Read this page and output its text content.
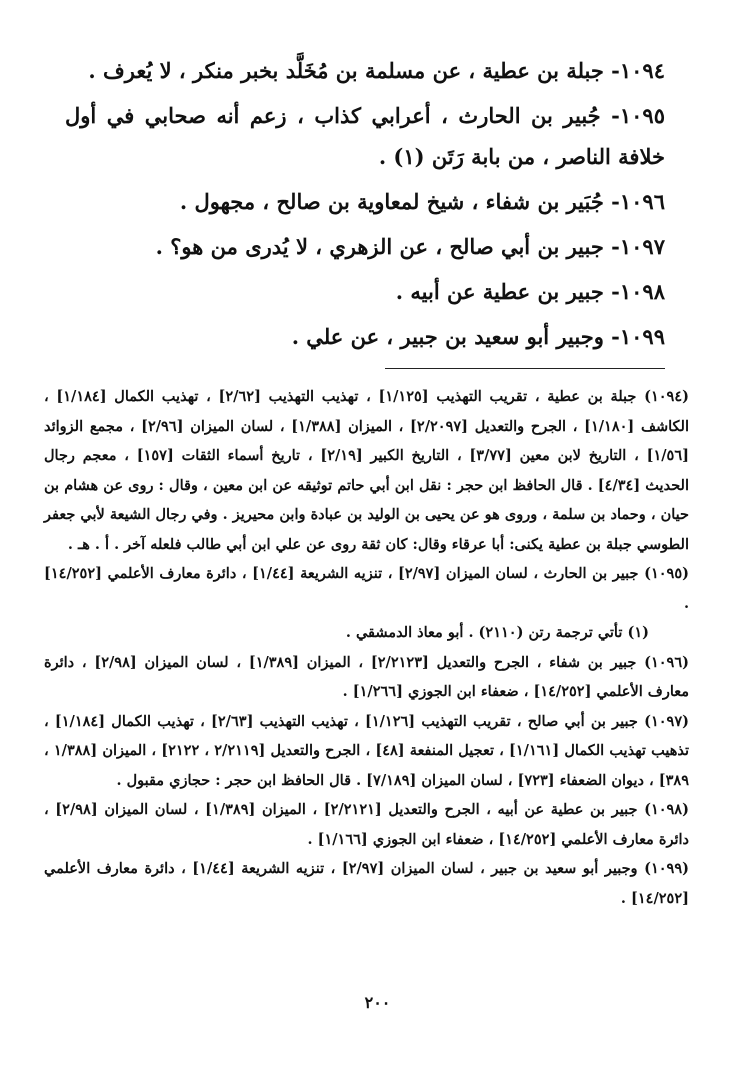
١٠٩٤- جبلة بن عطية ، عن مسلمة بن مُخَلَّد بخبر منكر ، لا يُعرف .
١٠٩٥- جُبير بن الحارث ، أعرابي كذاب ، زعم أنه صحابي في أول خلافة الناصر ، من بابة رَتَن (١) .
١٠٩٦- جُبَير بن شفاء ، شيخ لمعاوية بن صالح ، مجهول .
١٠٩٧- جبير بن أبي صالح ، عن الزهري ، لا يُدرى من هو؟ .
١٠٩٨- جبير بن عطية عن أبيه .
١٠٩٩- وجبير أبو سعيد بن جبير ، عن علي .
(١٠٩٤) جبلة بن عطية ، تقريب التهذيب [١/١٢٥] ، تهذيب التهذيب [٢/٦٢] ، تهذيب الكمال [١/١٨٤] ، الكاشف [١/١٨٠] ، الجرح والتعديل [٢/٢٠٩٧] ، الميزان [١/٣٨٨] ، لسان الميزان [٢/٩٦] ، مجمع الزوائد [١/٥٦] ، التاريخ لابن معين [٣/٧٧] ، التاريخ الكبير [٢/١٩] ، تاريخ أسماء الثقات [١٥٧] ، معجم رجال الحديث [٤/٣٤] . قال الحافظ ابن حجر : نقل ابن أبي حاتم توثيقه عن ابن معين ، وقال : روى عن هشام بن حيان ، وحماد بن سلمة ، وروى هو عن يحيى بن الوليد بن عبادة وابن محيريز . وفي رجال الشيعة لأبي جعفر الطوسي جبلة بن عطية يكنى: أبا عرقاء وقال: كان ثقة روى عن علي ابن أبي طالب فلعله آخر . أ . هـ .
(١٠٩٥) جبير بن الحارث ، لسان الميزان [٢/٩٧] ، تنزيه الشريعة [١/٤٤] ، دائرة معارف الأعلمي [١٤/٢٥٢] .
(١) تأتي ترجمة رتن (٢١١٠) . أبو معاذ الدمشقي .
(١٠٩٦) جبير بن شفاء ، الجرح والتعديل [٢/٢١٢٣] ، الميزان [١/٣٨٩] ، لسان الميزان [٢/٩٨] ، دائرة معارف الأعلمي [١٤/٢٥٢] ، ضعفاء ابن الجوزي [١/٢٦٦] .
(١٠٩٧) جبير بن أبي صالح ، تقريب التهذيب [١/١٢٦] ، تهذيب التهذيب [٢/٦٣] ، تهذيب الكمال [١/١٨٤] ، تذهيب تهذيب الكمال [١/١٦١] ، تعجيل المنفعة [٤٨] ، الجرح والتعديل [٢/٢١١٩ ، ٢١٢٢] ، الميزان [١/٣٨٨ ، ٣٨٩] ، ديوان الضعفاء [٧٢٣] ، لسان الميزان [٧/١٨٩] . قال الحافظ ابن حجر : حجازي مقبول .
(١٠٩٨) جبير بن عطية عن أبيه ، الجرح والتعديل [٢/٢١٢١] ، الميزان [١/٣٨٩] ، لسان الميزان [٢/٩٨] ، دائرة معارف الأعلمي [١٤/٢٥٢] ، ضعفاء ابن الجوزي [١/١٦٦] .
(١٠٩٩) وجبير أبو سعيد بن جبير ، لسان الميزان [٢/٩٧] ، تنزيه الشريعة [١/٤٤] ، دائرة معارف الأعلمي [١٤/٢٥٢] .
٢٠٠
